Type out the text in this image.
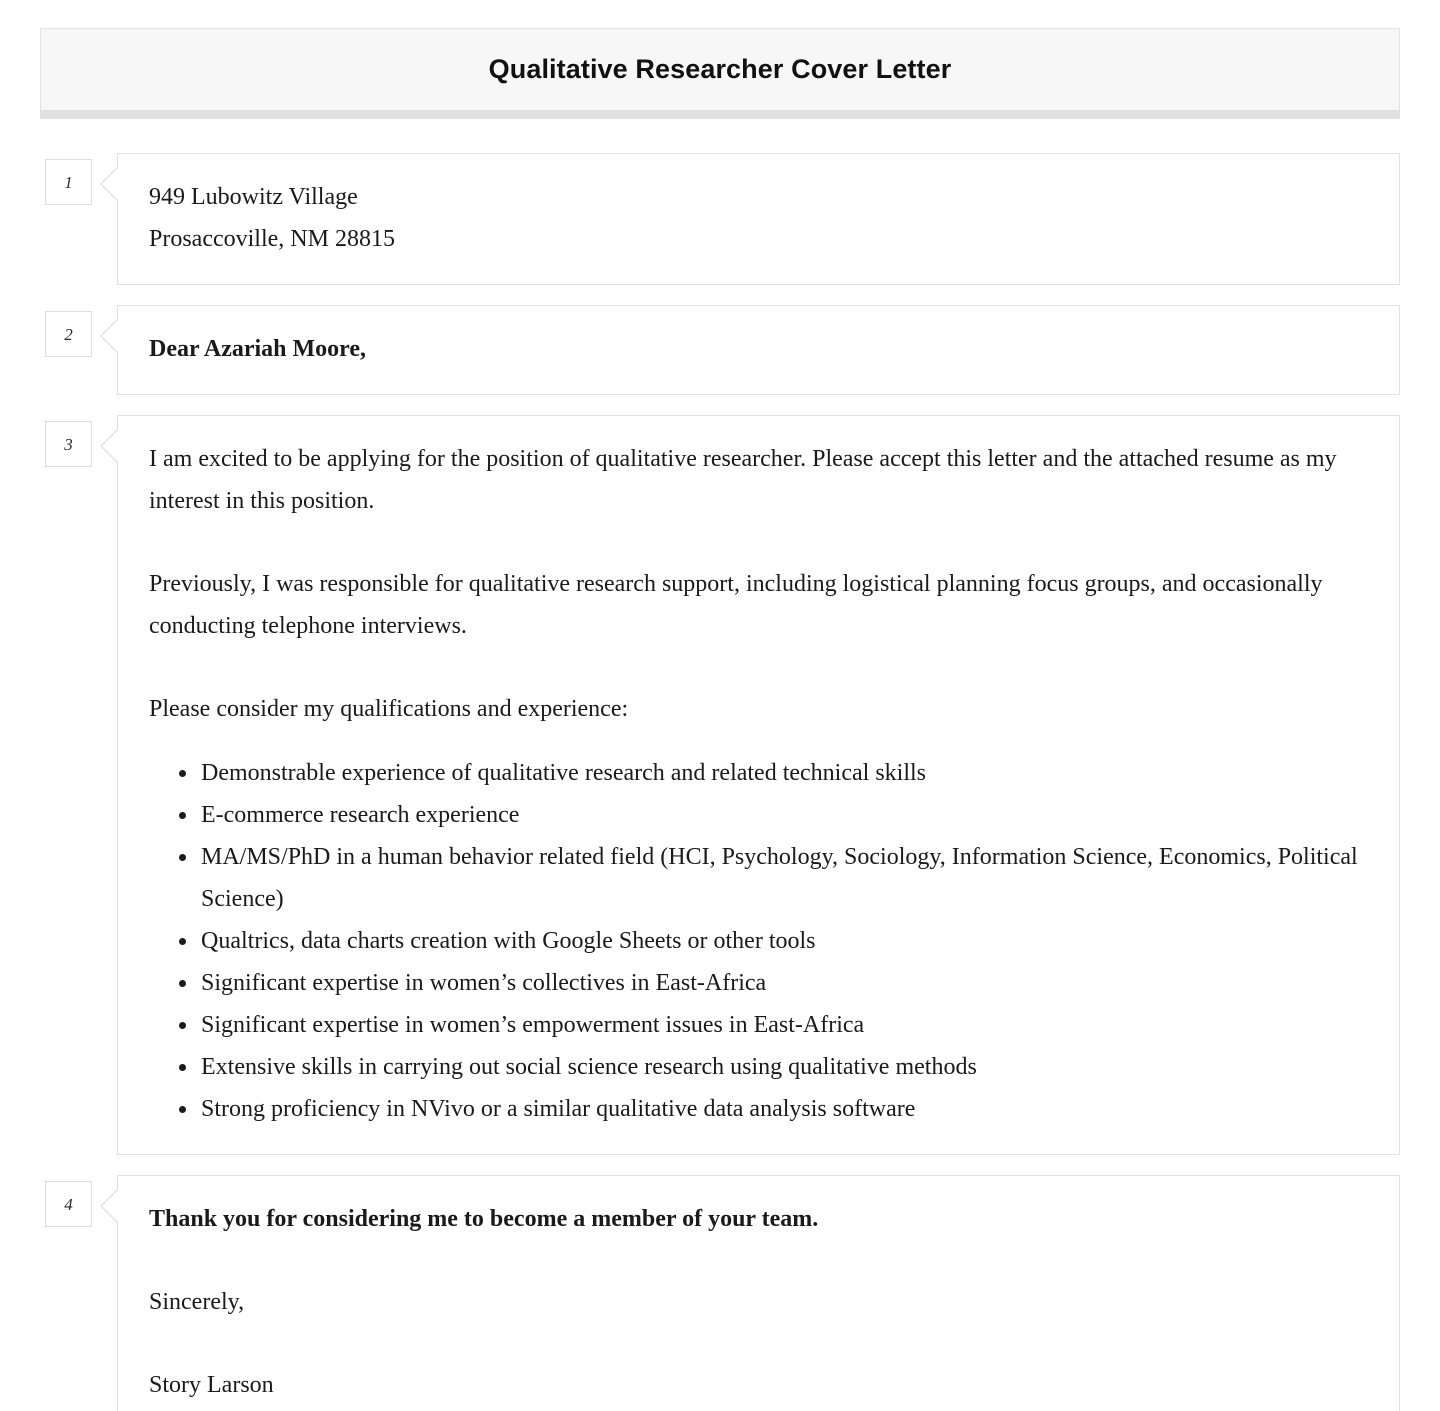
Qualitative Researcher Cover Letter
1

949 Lubowitz Village

Prosaccoville, NM 28815

2

Dear Azariah Moore,

3

I am excited to be applying for the position of qualitative researcher. Please accept this letter and the attached resume as my interest in this position.

Previously, I was responsible for qualitative research support, including logistical planning focus groups, and occasionally conducting telephone interviews.

Please consider my qualifications and experience:

• Demonstrable experience of qualitative research and related technical skills
• E-commerce research experience
• MA/MS/PhD in a human behavior related field (HCI, Psychology, Sociology, Information Science, Economics, Political Science)
• Qualtrics, data charts creation with Google Sheets or other tools
• Significant expertise in women’s collectives in East-Africa
• Significant expertise in women’s empowerment issues in East-Africa
• Extensive skills in carrying out social science research using qualitative methods
• Strong proficiency in NVivo or a similar qualitative data analysis software
4

Thank you for considering me to become a member of your team.

Sincerely,

Story Larson
